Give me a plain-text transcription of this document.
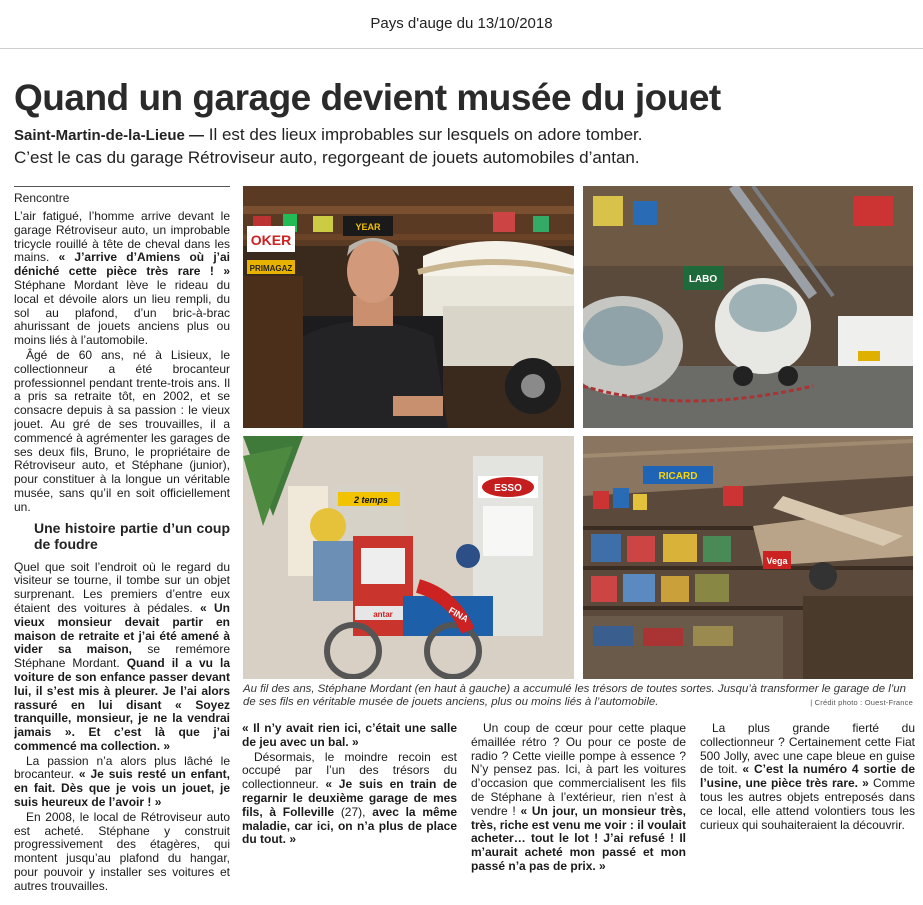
Pays d'auge du 13/10/2018
Quand un garage devient musée du jouet
Saint-Martin-de-la-Lieue — Il est des lieux improbables sur lesquels on adore tomber.
C’est le cas du garage Rétroviseur auto, regorgeant de jouets automobiles d’antan.
Rencontre

L’air fatigué, l’homme arrive devant le garage Rétroviseur auto, un improbable tricycle rouillé à tête de cheval dans les mains. « J’arrive d’Amiens où j’ai déniché cette pièce très rare ! » Stéphane Mordant lève le rideau du local et dévoile alors un lieu rempli, du sol au plafond, d’un bric-à-brac ahurissant de jouets anciens plus ou moins liés à l’automobile.

Âgé de 60 ans, né à Lisieux, le collectionneur a été brocanteur professionnel pendant trente-trois ans. Il a pris sa retraite tôt, en 2002, et se consacre depuis à sa passion : le vieux jouet. Au gré de ses trouvailles, il a commencé à agrémenter les garages de ses deux fils, Bruno, le propriétaire de Rétroviseur auto, et Stéphane (junior), pour constituer à la longue un véritable musée, sans qu’il en soit officiellement un.

Une histoire partie d’un coup de foudre

Quel que soit l’endroit où le regard du visiteur se tourne, il tombe sur un objet surprenant. Les premiers d’entre eux étaient des voitures à pédales. « Un vieux monsieur devait partir en maison de retraite et j’ai été amené à vider sa maison, se remémore Stéphane Mordant. Quand il a vu la voiture de son enfance passer devant lui, il s’est mis à pleurer. Je l’ai alors rassuré en lui disant « Soyez tranquille, monsieur, je ne la vendrai jamais ». Et c’est là que j’ai commencé ma collection. »

La passion n’a alors plus lâché le brocanteur. « Je suis resté un enfant, en fait. Dès que je vois un jouet, je suis heureux de l’avoir ! »

En 2008, le local de Rétroviseur auto est acheté. Stéphane y construit progressivement des étagères, qui montent jusqu’au plafond du hangar, pour pouvoir y installer ses voitures et autres trouvailles.

« Il n’y avait rien ici, c’était une salle de jeu avec un bal. »

Désormais, le moindre recoin est occupé par l’un des trésors du collectionneur. « Je suis en train de regarnir le deuxième garage de mes fils, à Folleville (27), avec la même maladie, car ici, on n’a plus de place du tout. »

Un coup de cœur pour cette plaque émaillée rétro ? Ou pour ce poste de radio ? Cette vieille pompe à essence ? N’y pensez pas. Ici, à part les voitures d’occasion que commercialisent les fils de Stéphane à l’extérieur, rien n’est à vendre ! « Un jour, un monsieur très, très, riche est venu me voir : il voulait acheter… tout le lot ! J’ai refusé ! Il m’aurait acheté mon passé et mon passé n’a pas de prix. »

La plus grande fierté du collectionneur ? Certainement cette Fiat 500 Jolly, avec une cape bleue en guise de toit. « C’est la numéro 4 sortie de l’usine, une pièce très rare. » Comme tous les autres objets entreposés dans ce local, elle attend volontiers tous les curieux qui souhaiteraient la découvrir.

OKER
PRIMAGAZ
YEAR
LABO
2 temps
antar
ESSO
FINA
RICARD
Vega
Au fil des ans, Stéphane Mordant (en haut à gauche) a accumulé les trésors de toutes sortes. Jusqu’à transformer le garage de l’un de ses fils en véritable musée de jouets anciens, plus ou moins liés à l’automobile.	| Crédit photo : Ouest-France
